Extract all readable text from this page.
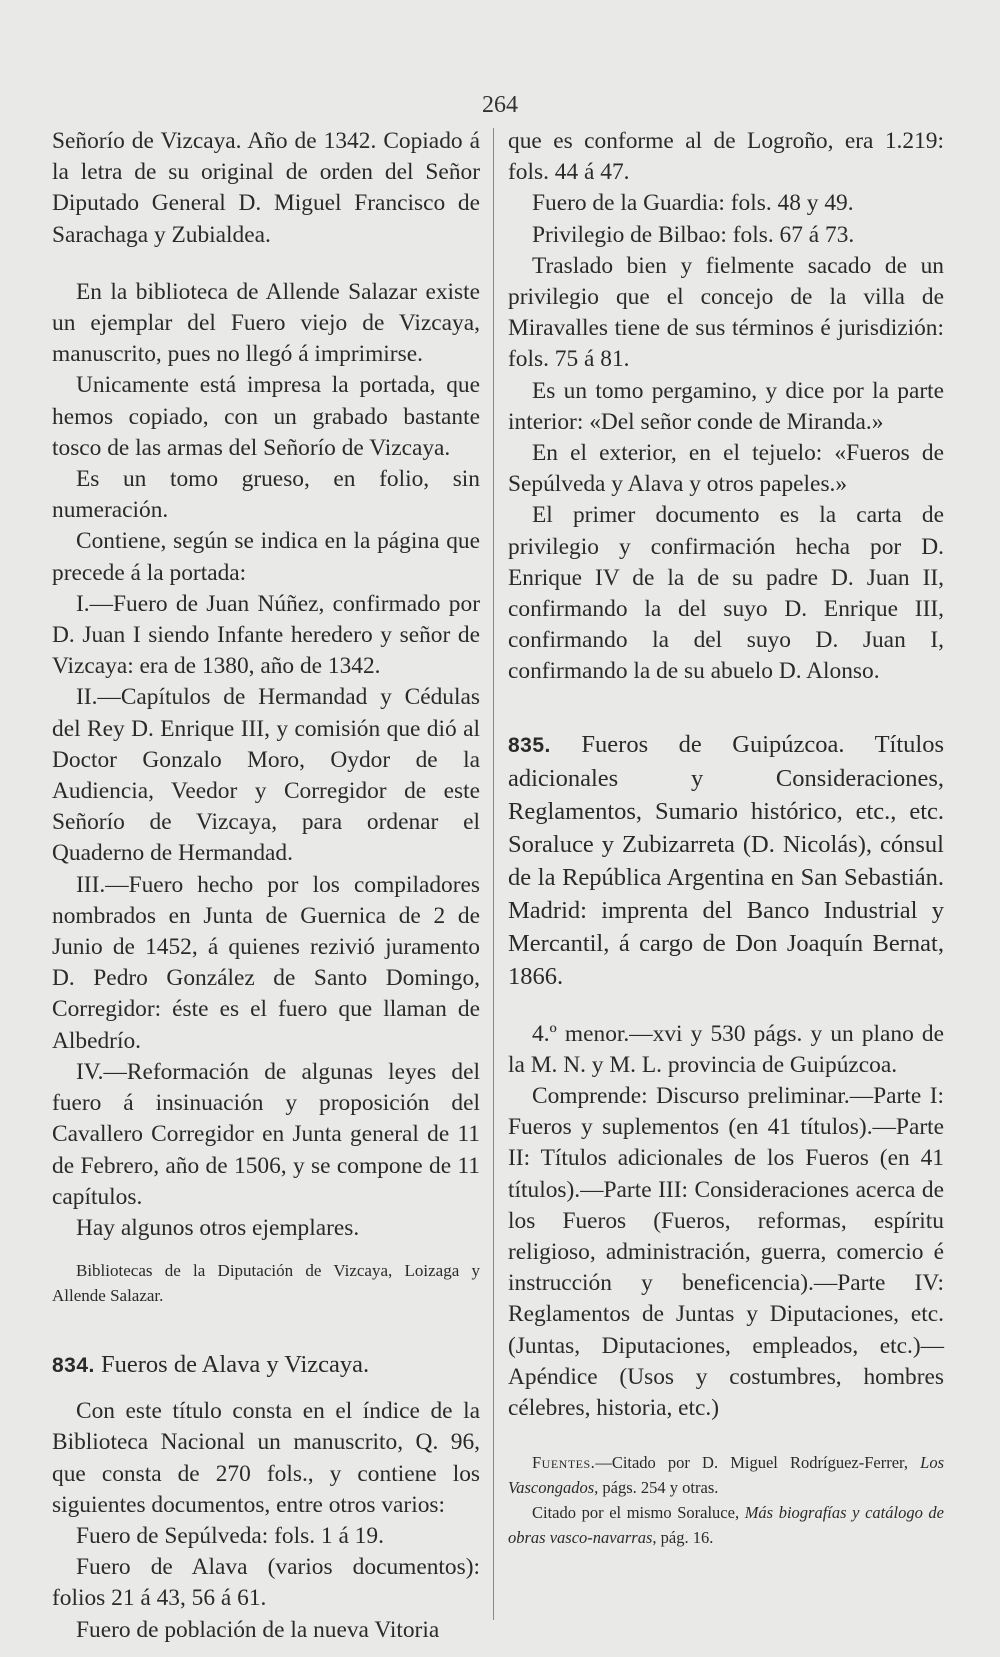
264

Señorío de Vizcaya. Año de 1342. Copiado á la letra de su original de orden del Señor Diputado General D. Miguel Francisco de Sarachaga y Zubialdea.

En la biblioteca de Allende Salazar existe un ejemplar del Fuero viejo de Vizcaya, manuscrito, pues no llegó á imprimirse.

Unicamente está impresa la portada, que hemos copiado, con un grabado bastante tosco de las armas del Señorío de Vizcaya.

Es un tomo grueso, en folio, sin numeración.

Contiene, según se indica en la página que precede á la portada:

I.—Fuero de Juan Núñez, confirmado por D. Juan I siendo Infante heredero y señor de Vizcaya: era de 1380, año de 1342.

II.—Capítulos de Hermandad y Cédulas del Rey D. Enrique III, y comisión que dió al Doctor Gonzalo Moro, Oydor de la Audiencia, Veedor y Corregidor de este Señorío de Vizcaya, para ordenar el Quaderno de Hermandad.

III.—Fuero hecho por los compiladores nombrados en Junta de Guernica de 2 de Junio de 1452, á quienes rezivió juramento D. Pedro González de Santo Domingo, Corregidor: éste es el fuero que llaman de Albedrío.

IV.—Reformación de algunas leyes del fuero á insinuación y proposición del Cavallero Corregidor en Junta general de 11 de Febrero, año de 1506, y se compone de 11 capítulos.

Hay algunos otros ejemplares.

Bibliotecas de la Diputación de Vizcaya, Loizaga y Allende Salazar.

834. Fueros de Alava y Vizcaya.

Con este título consta en el índice de la Biblioteca Nacional un manuscrito, Q. 96, que consta de 270 fols., y contiene los siguientes documentos, entre otros varios:

Fuero de Sepúlveda: fols. 1 á 19.

Fuero de Alava (varios documentos): folios 21 á 43, 56 á 61.

Fuero de población de la nueva Vitoria

que es conforme al de Logroño, era 1.219: fols. 44 á 47.

Fuero de la Guardia: fols. 48 y 49.

Privilegio de Bilbao: fols. 67 á 73.

Traslado bien y fielmente sacado de un privilegio que el concejo de la villa de Miravalles tiene de sus términos é jurisdizión: fols. 75 á 81.

Es un tomo pergamino, y dice por la parte interior: «Del señor conde de Miranda.»

En el exterior, en el tejuelo: «Fueros de Sepúlveda y Alava y otros papeles.»

El primer documento es la carta de privilegio y confirmación hecha por D. Enrique IV de la de su padre D. Juan II, confirmando la del suyo D. Enrique III, confirmando la del suyo D. Juan I, confirmando la de su abuelo D. Alonso.

835. Fueros de Guipúzcoa. Títulos adicionales y Consideraciones, Reglamentos, Sumario histórico, etc., etc. Soraluce y Zubizarreta (D. Nicolás), cónsul de la República Argentina en San Sebastián. Madrid: imprenta del Banco Industrial y Mercantil, á cargo de Don Joaquín Bernat, 1866.

4.º menor.—xvi y 530 págs. y un plano de la M. N. y M. L. provincia de Guipúzcoa.

Comprende: Discurso preliminar.—Parte I: Fueros y suplementos (en 41 títulos).—Parte II: Títulos adicionales de los Fueros (en 41 títulos).—Parte III: Consideraciones acerca de los Fueros (Fueros, reformas, espíritu religioso, administración, guerra, comercio é instrucción y beneficencia).—Parte IV: Reglamentos de Juntas y Diputaciones, etc. (Juntas, Diputaciones, empleados, etc.)—Apéndice (Usos y costumbres, hombres célebres, historia, etc.)

Fuentes.—Citado por D. Miguel Rodríguez-Ferrer, Los Vascongados, págs. 254 y otras.

Citado por el mismo Soraluce, Más biografías y catálogo de obras vasco-navarras, pág. 16.
